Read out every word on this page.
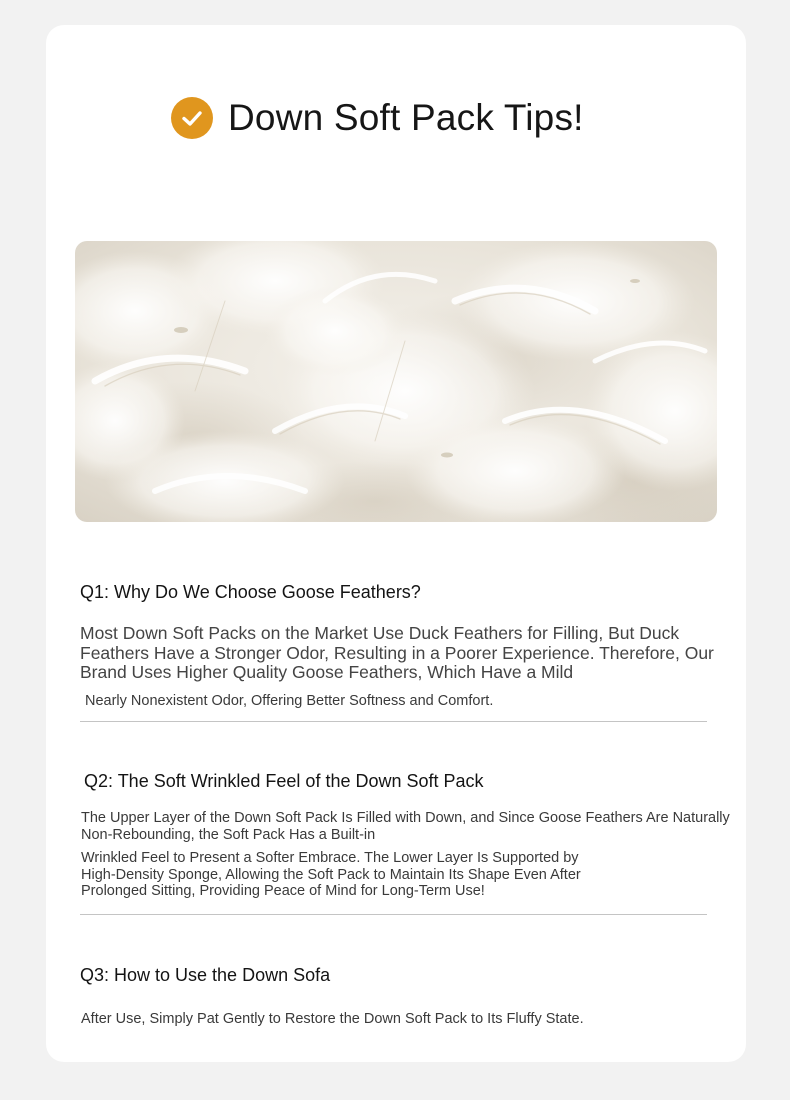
Down Soft Pack Tips!
Q1: Why Do We Choose Goose Feathers?
Most Down Soft Packs on the Market Use Duck Feathers for Filling, But Duck Feathers Have a Stronger Odor, Resulting in a Poorer Experience. Therefore, Our Brand Uses Higher Quality Goose Feathers, Which Have a Mild
Nearly Nonexistent Odor, Offering Better Softness and Comfort.
Q2: The Soft Wrinkled Feel of the Down Soft Pack
The Upper Layer of the Down Soft Pack Is Filled with Down, and Since Goose Feathers Are Naturally Non-Rebounding, the Soft Pack Has a Built-in
Wrinkled Feel to Present a Softer Embrace. The Lower Layer Is Supported by High-Density Sponge, Allowing the Soft Pack to Maintain Its Shape Even After Prolonged Sitting, Providing Peace of Mind for Long-Term Use!
Q3: How to Use the Down Sofa
After Use, Simply Pat Gently to Restore the Down Soft Pack to Its Fluffy State.
